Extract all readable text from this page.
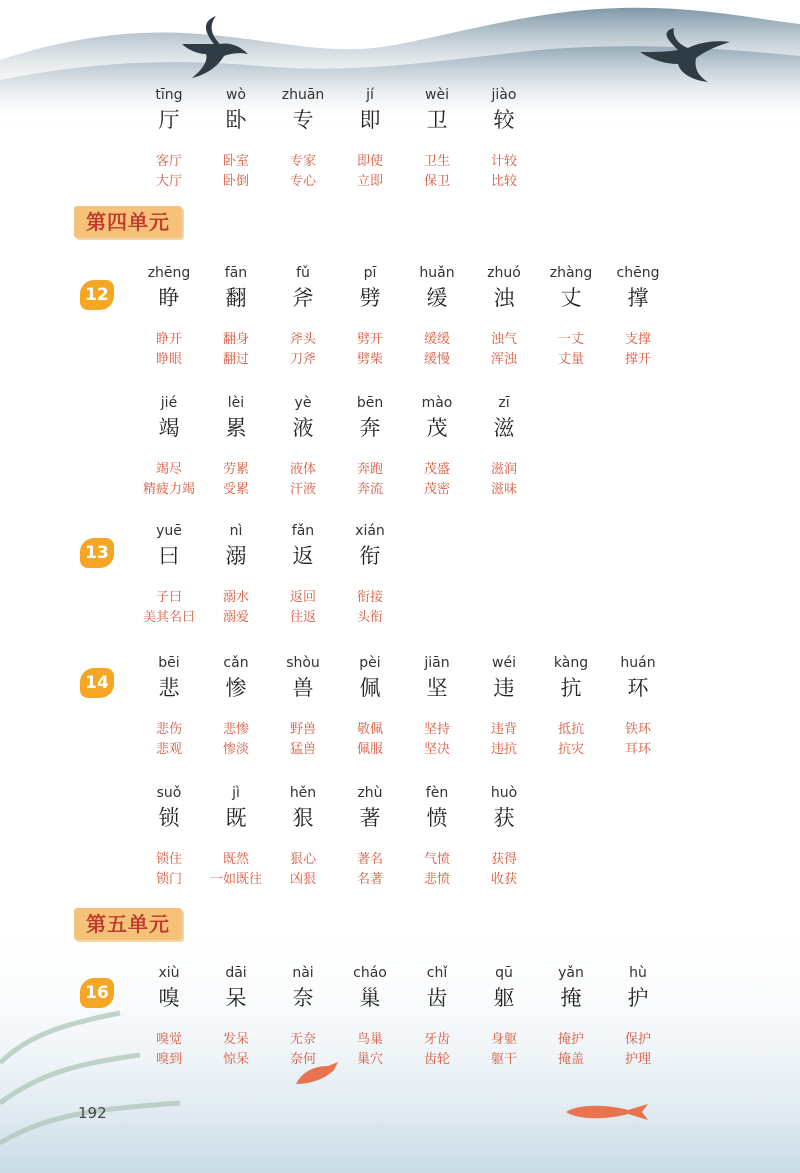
第四单元
第五单元
12
13
14
16
tīng
厅
客厅
大厅
wò
卧
卧室
卧倒
zhuān
专
专家
专心
jí
即
即使
立即
wèi
卫
卫生
保卫
jiào
较
计较
比较
zhēng
睁
睁开
睁眼
fān
翻
翻身
翻过
fǔ
斧
斧头
刀斧
pī
劈
劈开
劈柴
huǎn
缓
缓缓
缓慢
zhuó
浊
浊气
浑浊
zhàng
丈
一丈
丈量
chēng
撑
支撑
撑开
jié
竭
竭尽
精疲力竭
lèi
累
劳累
受累
yè
液
液体
汗液
bēn
奔
奔跑
奔流
mào
茂
茂盛
茂密
zī
滋
滋润
滋味
yuē
曰
子曰
美其名曰
nì
溺
溺水
溺爱
fǎn
返
返回
往返
xián
衔
衔接
头衔
bēi
悲
悲伤
悲观
cǎn
惨
悲惨
惨淡
shòu
兽
野兽
猛兽
pèi
佩
敬佩
佩服
jiān
坚
坚持
坚决
wéi
违
违背
违抗
kàng
抗
抵抗
抗灾
huán
环
铁环
耳环
suǒ
锁
锁住
锁门
jì
既
既然
一如既往
hěn
狠
狠心
凶狠
zhù
著
著名
名著
fèn
愤
气愤
悲愤
huò
获
获得
收获
xiù
嗅
嗅觉
嗅到
dāi
呆
发呆
惊呆
nài
奈
无奈
奈何
cháo
巢
鸟巢
巢穴
chǐ
齿
牙齿
齿轮
qū
躯
身躯
躯干
yǎn
掩
掩护
掩盖
hù
护
保护
护理
192
